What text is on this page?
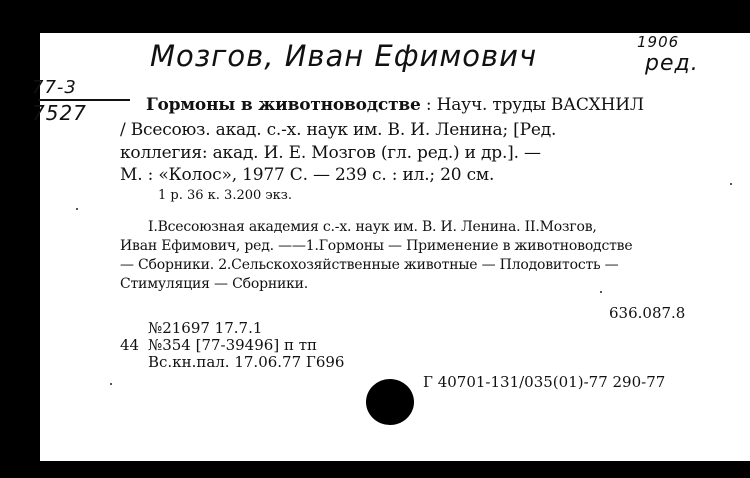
Мозгов, Иван Ефимович	1906
ред.
77-3
7527	Гормоны в животноводстве : Науч. труды ВАСХНИЛ
/ Всесоюз. акад. с.-х. наук им. В. И. Ленина; [Ред.
коллегия: акад. И. Е. Мозгов (гл. ред.) и др.]. —
М. : «Колос», 1977 С. — 239 с. : ил.; 20 см.
1 р. 36 к. 3.200 экз.
I.Всесоюзная академия с.-х. наук им. В. И. Ленина. II.Мозгов,
Иван Ефимович, ред. ——1.Гормоны — Применение в животноводстве
— Сборники. 2.Сельскохозяйственные животные — Плодовитость —
Стимуляция — Сборники.
636.087.8
№21697 17.7.1
44 №354 [77-39496] п тп
Вс.кн.пал. 17.06.77 Г696
Г 40701-131/035(01)-77 290-77
